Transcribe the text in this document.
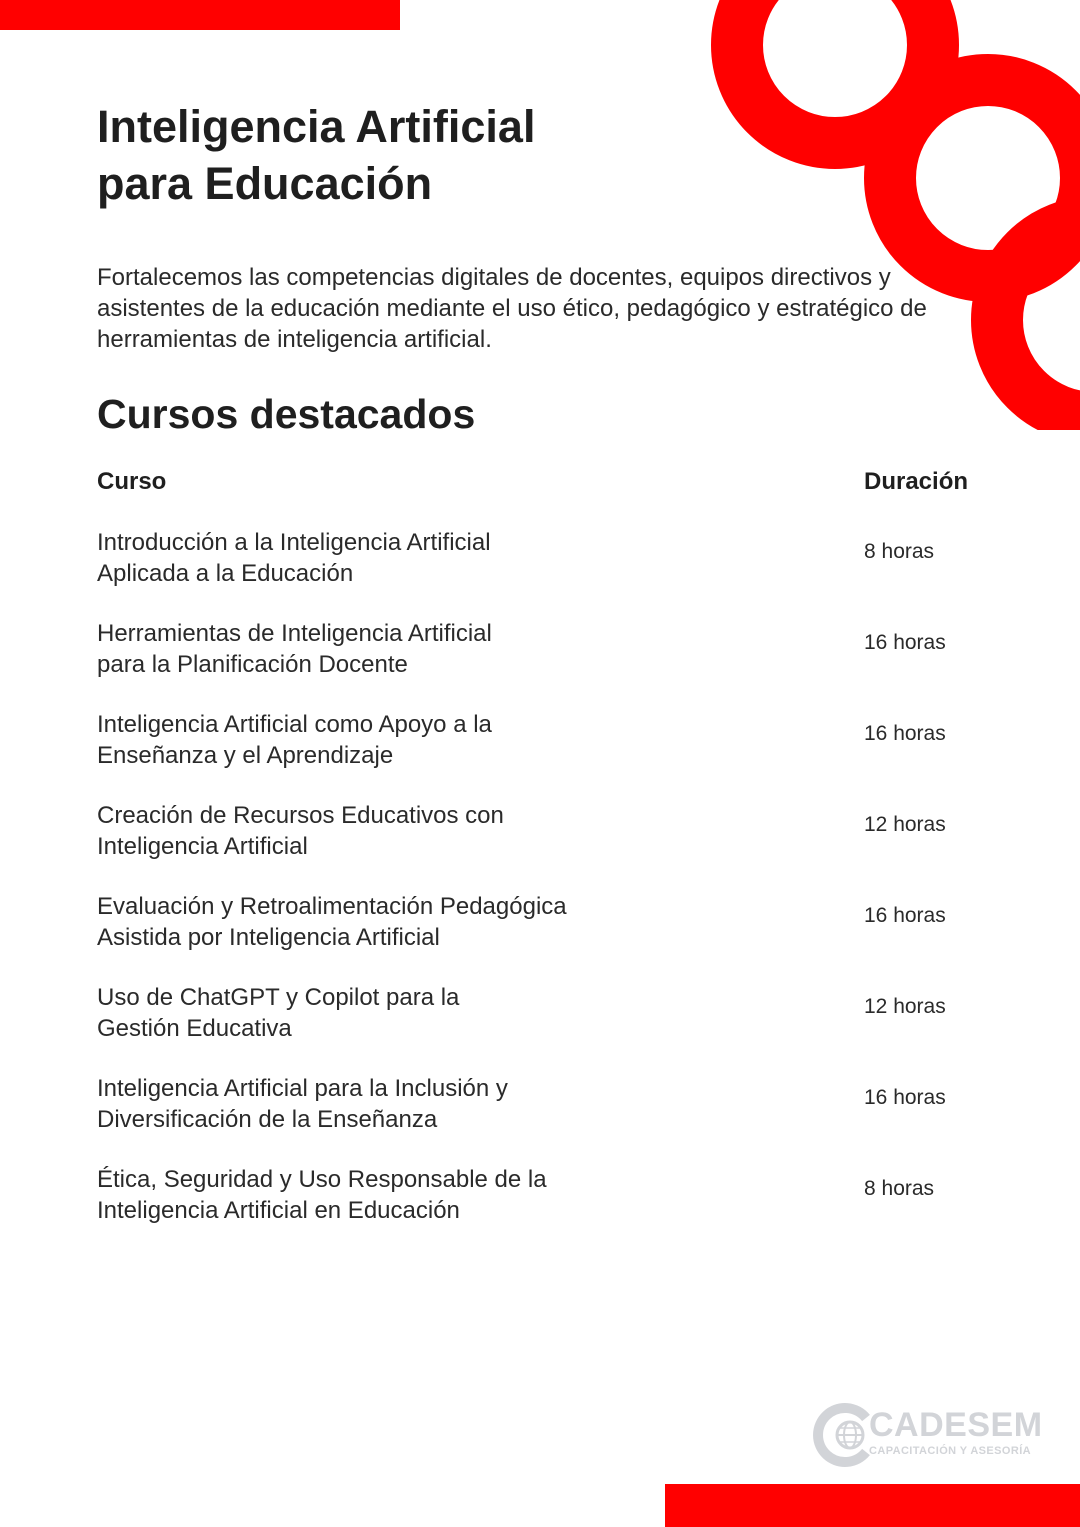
Inteligencia Artificial
para Educación

Fortalecemos las competencias digitales de docentes, equipos directivos y asistentes de la educación mediante el uso ético, pedagógico y estratégico de herramientas de inteligencia artificial.

Cursos destacados
Curso	Duración
Introducción a la Inteligencia Artificial
Aplicada a la Educación
8 horas
Herramientas de Inteligencia Artificial
para la Planificación Docente
16 horas
Inteligencia Artificial como Apoyo a la
Enseñanza y el Aprendizaje
16 horas
Creación de Recursos Educativos con
Inteligencia Artificial
12 horas
Evaluación y Retroalimentación Pedagógica
Asistida por Inteligencia Artificial
16 horas
Uso de ChatGPT y Copilot para la
Gestión Educativa
12 horas
Inteligencia Artificial para la Inclusión y
Diversificación de la Enseñanza
16 horas
Ética, Seguridad y Uso Responsable de la
Inteligencia Artificial en Educación
8 horas
CADESEM
CAPACITACIÓN Y ASESORÍA
